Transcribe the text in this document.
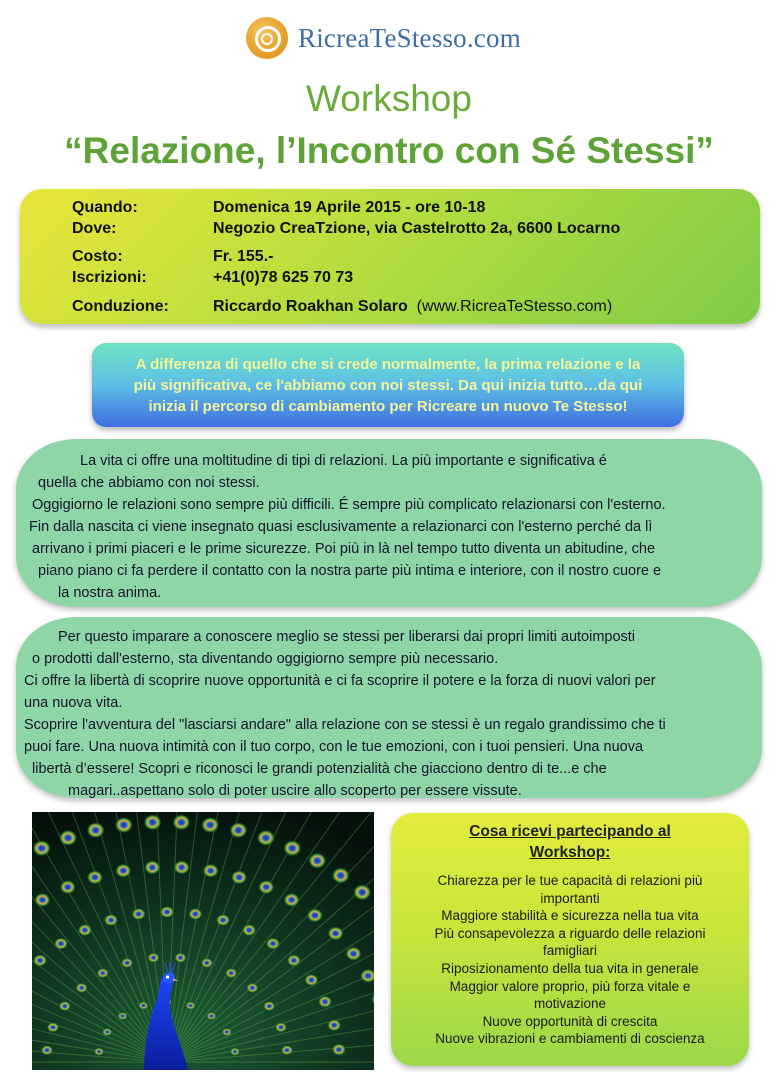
RicreaTeStesso.com
Workshop
“Relazione, l’Incontro con Sé Stessi”
Quando:	Domenica 19 Aprile 2015 - ore 10-18
Dove:	Negozio CreaTzione, via Castelrotto 2a, 6600 Locarno
Costo:	Fr. 155.-
Iscrizioni:	+41(0)78 625 70 73
Conduzione:	Riccardo Roakhan Solaro (www.RicreaTeStesso.com)
A differenza di quello che si crede normalmente, la prima relazione e la
più significativa, ce l'abbiamo con noi stessi. Da qui inizia tutto…da qui
inizia il percorso di cambiamento per Ricreare un nuovo Te Stesso!
La vita ci offre una moltitudine di tipi di relazioni. La più importante e significativa é
quella che abbiamo con noi stessi.
Oggigiorno le relazioni sono sempre più difficili. É sempre più complicato relazionarsi con l'esterno.
Fin dalla nascita ci viene insegnato quasi esclusivamente a relazionarci con l'esterno perché da lì
arrivano i primi piaceri e le prime sicurezze. Poi più in là nel tempo tutto diventa un abitudine, che
piano piano ci fa perdere il contatto con la nostra parte più intima e interiore, con il nostro cuore e
la nostra anima.
Per questo imparare a conoscere meglio se stessi per liberarsi dai propri limiti autoimposti
o prodotti dall'esterno, sta diventando oggigiorno sempre più necessario.
Ci offre la libertà di scoprire nuove opportunità e ci fa scoprire il potere e la forza di nuovi valori per
una nuova vita.
Scoprire l'avventura del "lasciarsi andare" alla relazione con se stessi è un regalo grandissimo che ti
puoi fare. Una nuova intimità con il tuo corpo, con le tue emozioni, con i tuoi pensieri. Una nuova
libertà d’essere! Scopri e riconosci le grandi potenzialità che giacciono dentro di te...e che
magari..aspettano solo di poter uscire allo scoperto per essere vissute.
Cosa ricevi partecipando al
Workshop:
Chiarezza per le tue capacità di relazioni più
importanti
Maggiore stabilità e sicurezza nella tua vita
Più consapevolezza a riguardo delle relazioni
famigliari
Riposizionamento della tua vita in generale
Maggior valore proprio, più forza vitale e
motivazione
Nuove opportunità di crescita
Nuove vibrazioni e cambiamenti di coscienza
